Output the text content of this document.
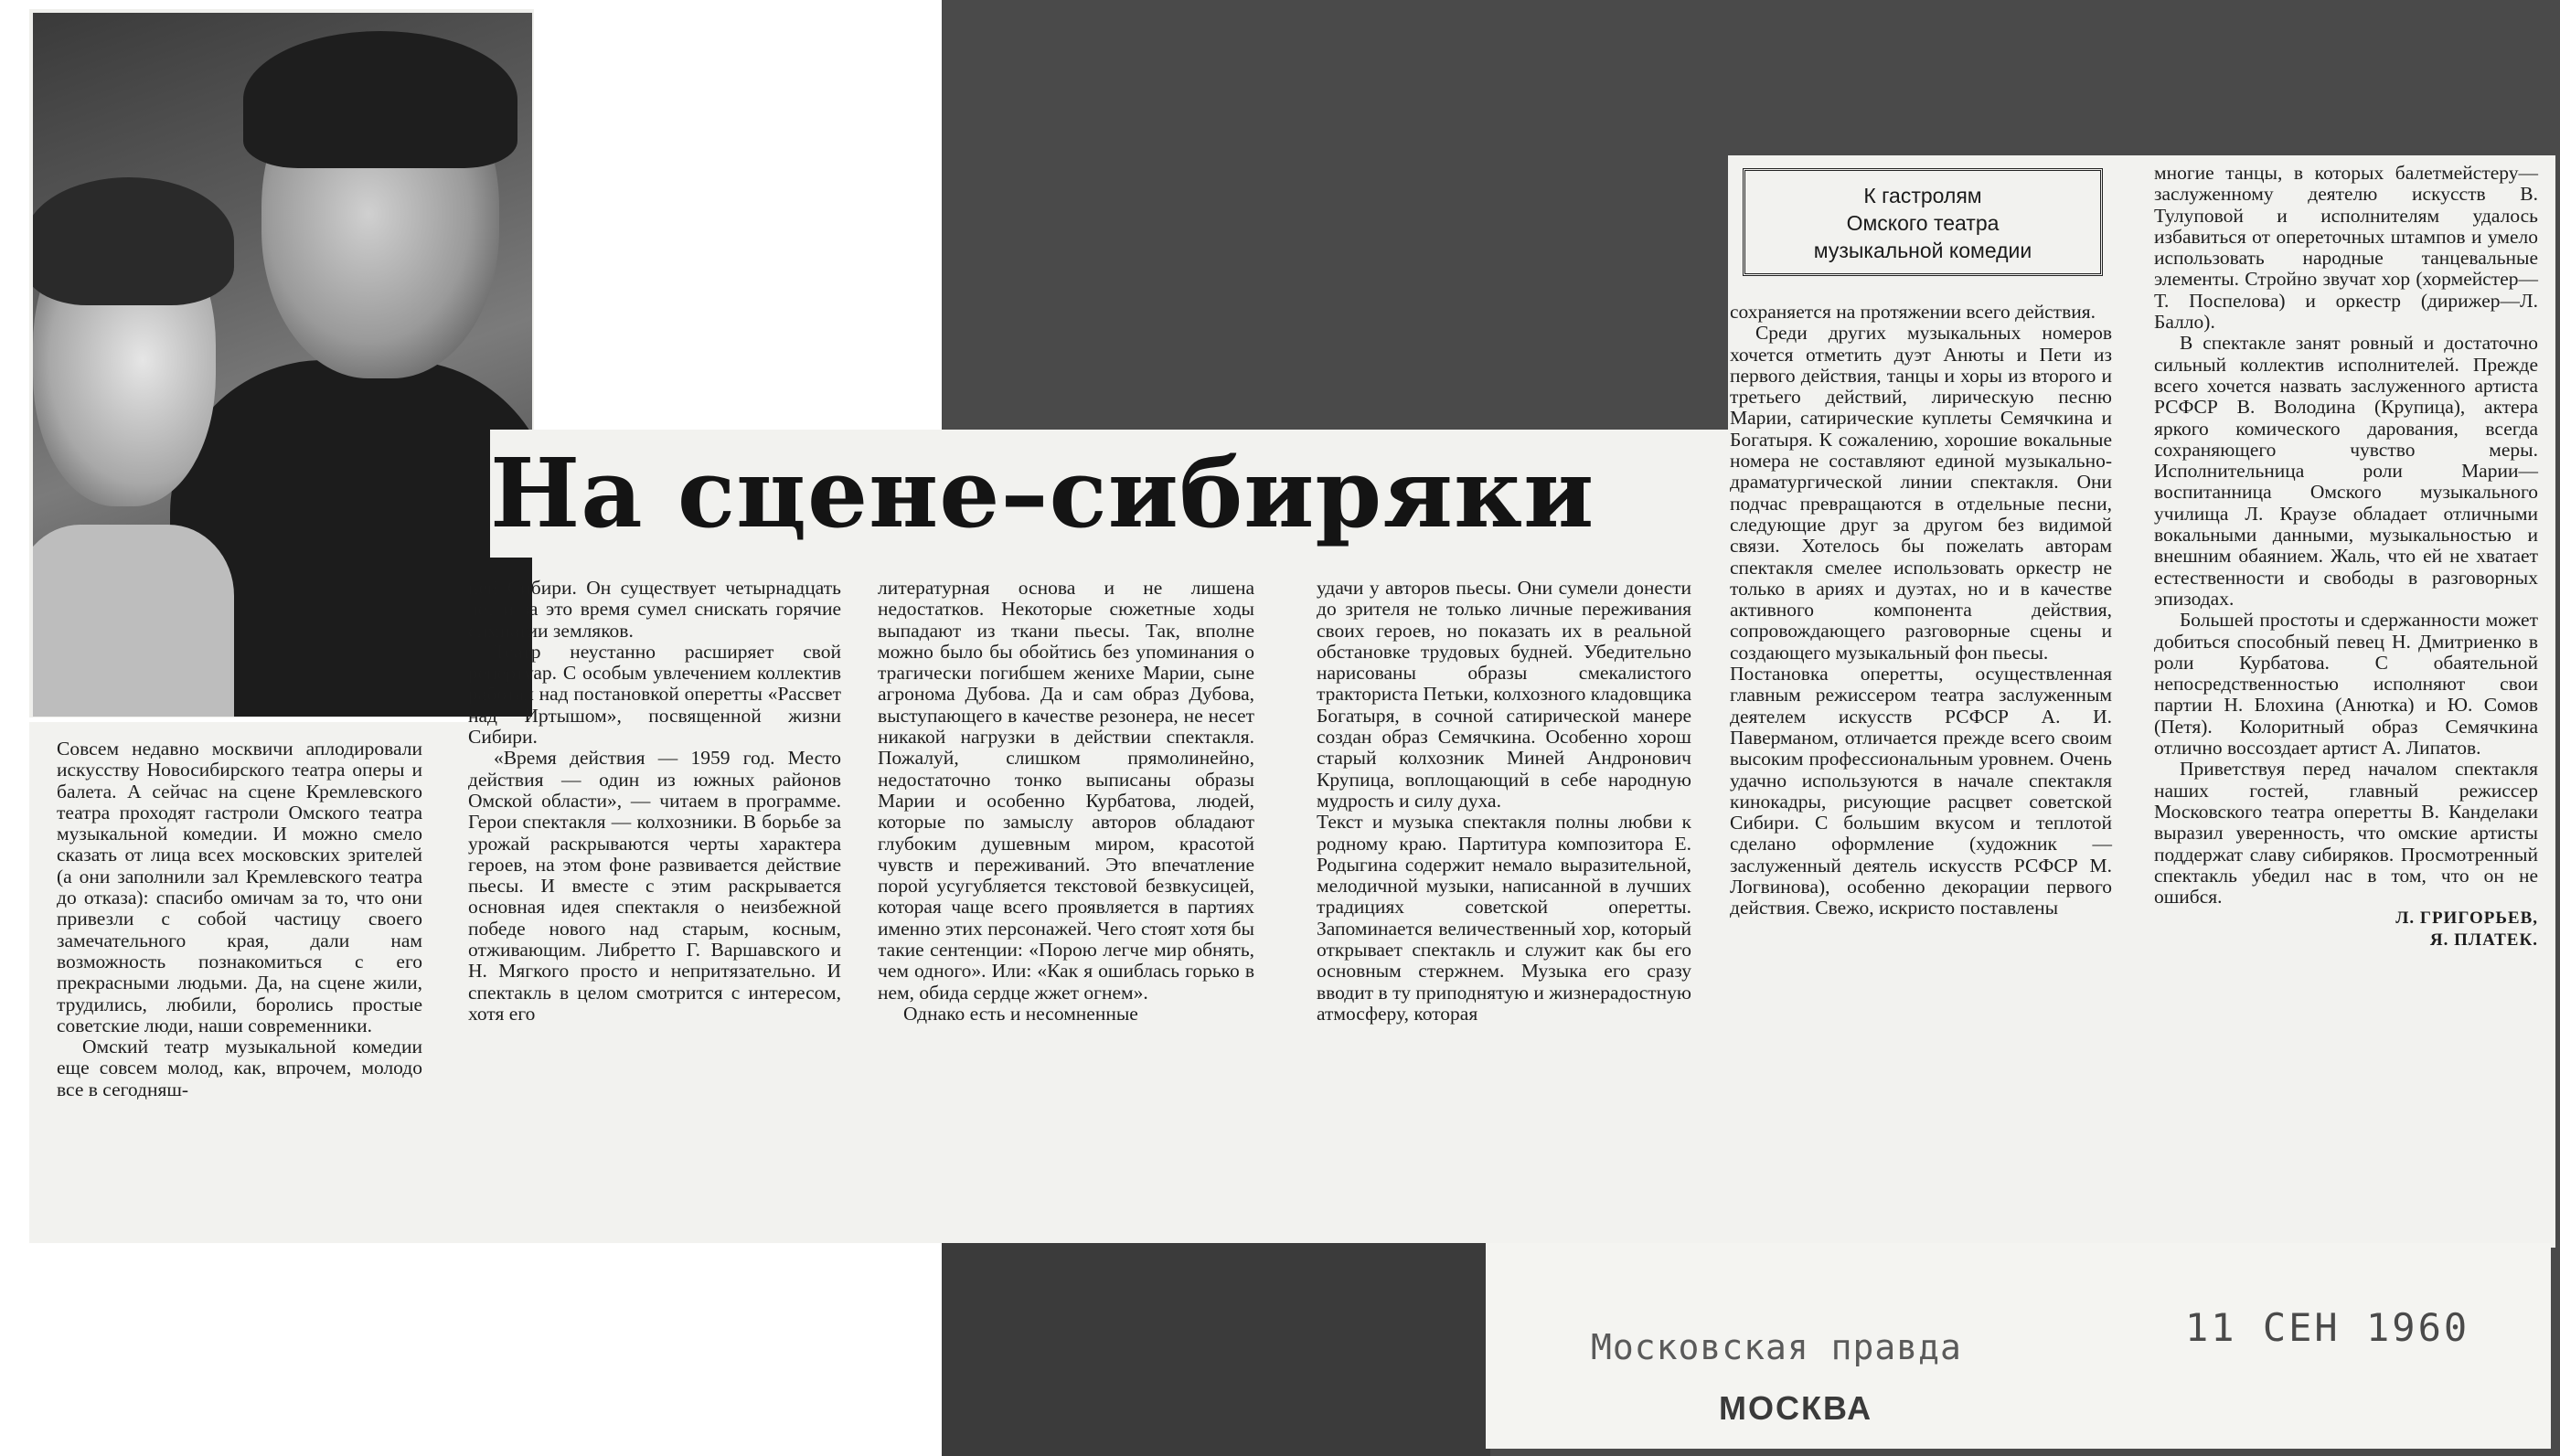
На сцене–сибиряки
К гастролям
Омского театра
музыкальной комедии

Совсем недавно москвичи аплодировали искусству Новосибирского театра оперы и балета. А сейчас на сцене Кремлевского театра проходят гастроли Омского театра музыкальной комедии. И можно смело сказать от лица всех московских зрителей (а они заполнили зал Кремлевского театра до отказа): спасибо омичам за то, что они привезли с собой частицу своего замечательного края, дали нам возможность познакомиться с его прекрасными людьми. Да, на сцене жили, трудились, любили, боролись простые советские люди, наши современники.

Омский театр музыкальной комедии еще совсем молод, как, впрочем, молодо все в сегодняш-

ней Сибири. Он существует четырнадцать лет и за это время сумел снискать горячие симпатии земляков.

Театр неустанно расширяет свой репертуар. С особым увлечением коллектив работал над постановкой оперетты «Рассвет над Иртышом», посвященной жизни Сибири.

«Время действия — 1959 год. Место действия — один из южных районов Омской области», — читаем в программе. Герои спектакля — колхозники. В борьбе за урожай раскрываются черты характера героев, на этом фоне развивается действие пьесы. И вместе с этим раскрывается основная идея спектакля о неизбежной победе нового над старым, косным, отживающим. Либретто Г. Варшавского и Н. Мягкого просто и непритязательно. И спектакль в целом смотрится с интересом, хотя его

литературная основа и не лишена недостатков. Некоторые сюжетные ходы выпадают из ткани пьесы. Так, вполне можно было бы обойтись без упоминания о трагически погибшем женихе Марии, сыне агронома Дубова. Да и сам образ Дубова, выступающего в качестве резонера, не несет никакой нагрузки в действии спектакля. Пожалуй, слишком прямолинейно, недостаточно тонко выписаны образы Марии и особенно Курбатова, людей, которые по замыслу авторов обладают глубоким душевным миром, красотой чувств и переживаний. Это впечатление порой усугубляется текстовой безвкусицей, которая чаще всего проявляется в партиях именно этих персонажей. Чего стоят хотя бы такие сентенции: «Порою легче мир обнять, чем одного». Или: «Как я ошиблась горько в нем, обида сердце жжет огнем».

Однако есть и несомненные

удачи у авторов пьесы. Они сумели донести до зрителя не только личные переживания своих героев, но показать их в реальной обстановке трудовых будней. Убедительно нарисованы образы смекалистого тракториста Петьки, колхозного кладовщика Богатыря, в сочной сатирической манере создан образ Семячкина. Особенно хорош старый колхозник Миней Андронович Крупица, воплощающий в себе народную мудрость и силу духа.

Текст и музыка спектакля полны любви к родному краю. Партитура композитора Е. Родыгина содержит немало выразительной, мелодичной музыки, написанной в лучших традициях советской оперетты. Запоминается величественный хор, который открывает спектакль и служит как бы его основным стержнем. Музыка его сразу вводит в ту приподнятую и жизнерадостную атмосферу, которая

сохраняется на протяжении всего действия.

Среди других музыкальных номеров хочется отметить дуэт Анюты и Пети из первого действия, танцы и хоры из второго и третьего действий, лирическую песню Марии, сатирические куплеты Семячкина и Богатыря. К сожалению, хорошие вокальные номера не составляют единой музыкально-драматургической линии спектакля. Они подчас превращаются в отдельные песни, следующие друг за другом без видимой связи. Хотелось бы пожелать авторам спектакля смелее использовать оркестр не только в ариях и дуэтах, но и в качестве активного компонента действия, сопровождающего разговорные сцены и создающего музыкальный фон пьесы.

Постановка оперетты, осуществленная главным режиссером театра заслуженным деятелем искусств РСФСР А. И. Паверманом, отличается прежде всего своим высоким профессиональным уровнем. Очень удачно используются в начале спектакля кинокадры, рисующие расцвет советской Сибири. С большим вкусом и теплотой сделано оформление (художник — заслуженный деятель искусств РСФСР М. Логвинова), особенно декорации первого действия. Свежо, искристо поставлены

многие танцы, в которых балетмейстеру—заслуженному деятелю искусств В. Тулуповой и исполнителям удалось избавиться от опереточных штампов и умело использовать народные танцевальные элементы. Стройно звучат хор (хормейстер—Т. Поспелова) и оркестр (дирижер—Л. Балло).

В спектакле занят ровный и достаточно сильный коллектив исполнителей. Прежде всего хочется назвать заслуженного артиста РСФСР В. Володина (Крупица), актера яркого комического дарования, всегда сохраняющего чувство меры. Исполнительница роли Марии—воспитанница Омского музыкального училища Л. Краузе обладает отличными вокальными данными, музыкальностью и внешним обаянием. Жаль, что ей не хватает естественности и свободы в разговорных эпизодах.

Большей простоты и сдержанности может добиться способный певец Н. Дмитриенко в роли Курбатова. С обаятельной непосредственностью исполняют свои партии Н. Блохина (Анютка) и Ю. Сомов (Петя). Колоритный образ Семячкина отлично воссоздает артист А. Липатов.

Приветствуя перед началом спектакля наших гостей, главный режиссер Московского театра оперетты В. Канделаки выразил уверенность, что омские артисты поддержат славу сибиряков. Просмотренный спектакль убедил нас в том, что он не ошибся.

Л. ГРИГОРЬЕВ,

Я. ПЛАТЕК.

Московская правда
МОСКВА
11 СЕН 1960
